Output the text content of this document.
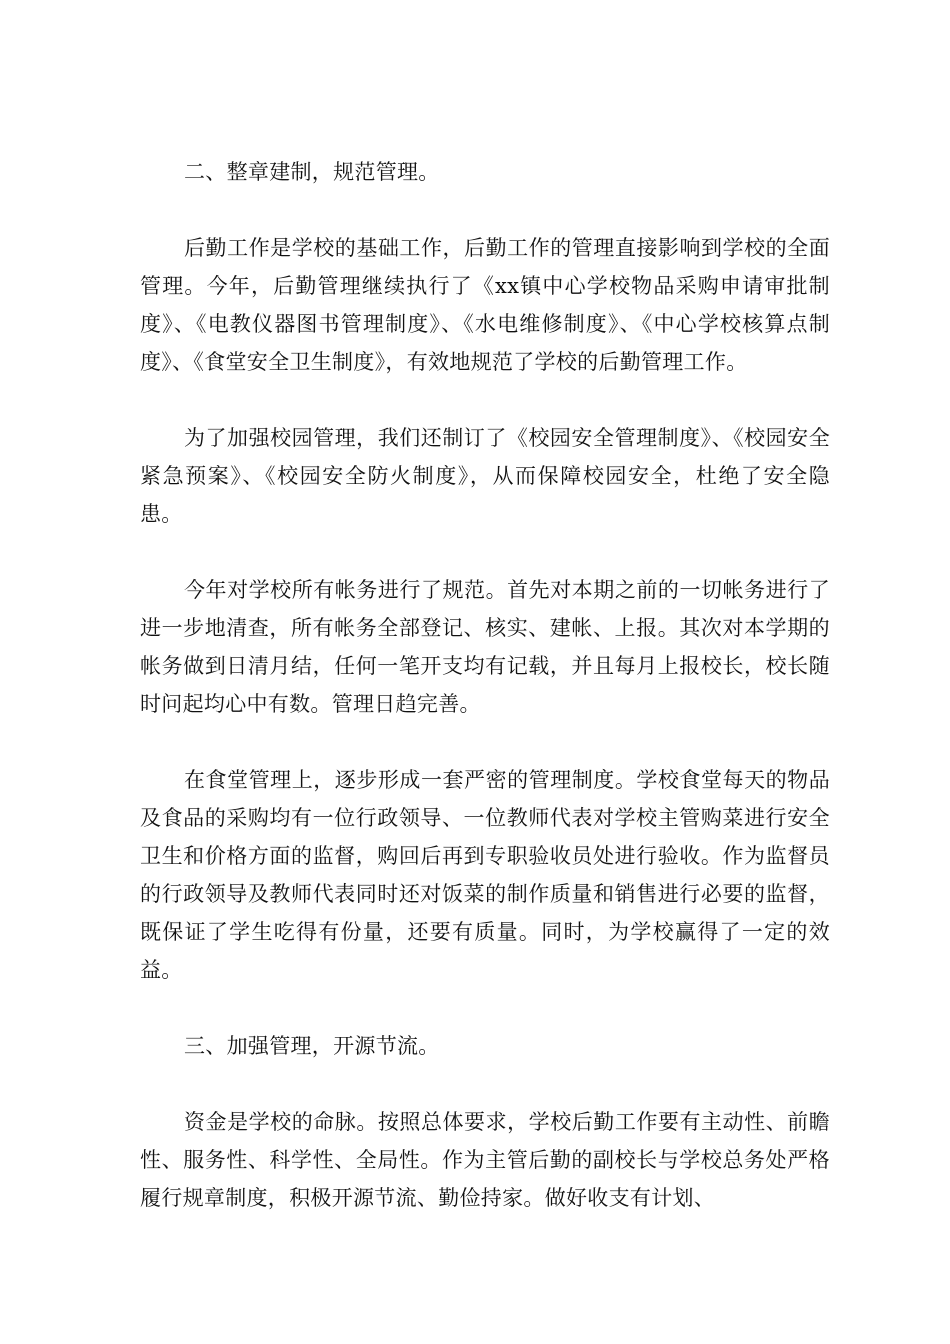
二、整章建制，规范管理。

后勤工作是学校的基础工作，后勤工作的管理直接影响到学校的全面管理。今年，后勤管理继续执行了《xx镇中心学校物品采购申请审批制度》、《电教仪器图书管理制度》、《水电维修制度》、《中心学校核算点制度》、《食堂安全卫生制度》，有效地规范了学校的后勤管理工作。

为了加强校园管理，我们还制订了《校园安全管理制度》、《校园安全紧急预案》、《校园安全防火制度》，从而保障校园安全，杜绝了安全隐患。

今年对学校所有帐务进行了规范。首先对本期之前的一切帐务进行了进一步地清查，所有帐务全部登记、核实、建帐、上报。其次对本学期的帐务做到日清月结，任何一笔开支均有记载，并且每月上报校长，校长随时问起均心中有数。管理日趋完善。

在食堂管理上，逐步形成一套严密的管理制度。学校食堂每天的物品及食品的采购均有一位行政领导、一位教师代表对学校主管购菜进行安全卫生和价格方面的监督，购回后再到专职验收员处进行验收。作为监督员的行政领导及教师代表同时还对饭菜的制作质量和销售进行必要的监督，既保证了学生吃得有份量，还要有质量。同时，为学校赢得了一定的效益。

三、加强管理，开源节流。

资金是学校的命脉。按照总体要求，学校后勤工作要有主动性、前瞻性、服务性、科学性、全局性。作为主管后勤的副校长与学校总务处严格履行规章制度，积极开源节流、勤俭持家。做好收支有计划、
